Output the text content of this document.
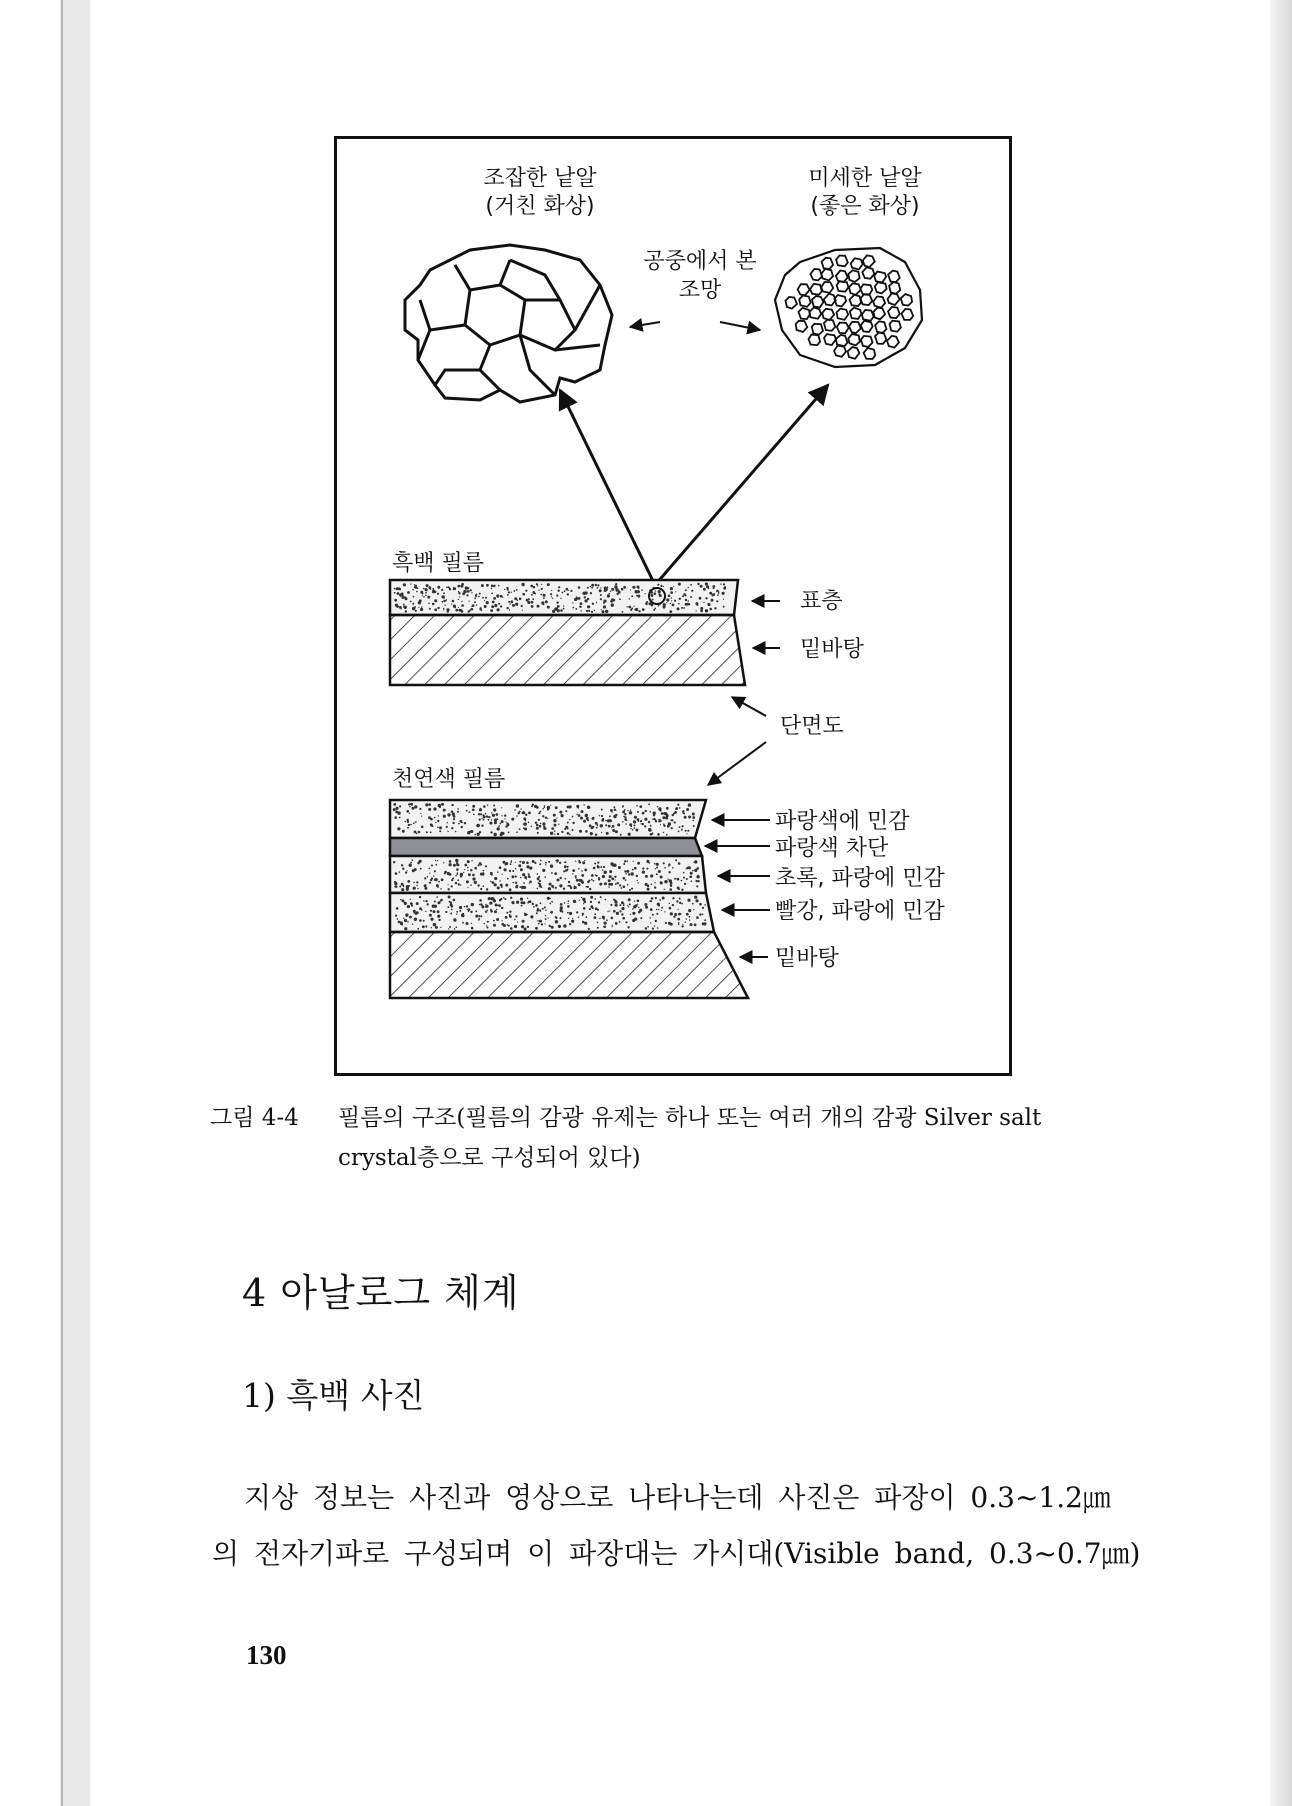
조잡한 낱알
(거친 화상)
미세한 낱알
(좋은 화상)
공중에서 본
조망
흑백 필름
표층
밑바탕
단면도
천연색 필름
파랑색에 민감
파랑색 차단
초록, 파랑에 민감
빨강, 파랑에 민감
밑바탕
그림 4-4 필름의 구조(필름의 감광 유제는 하나 또는 여러 개의 감광 Silver salt
crystal층으로 구성되어 있다)
4 아날로그 체계
1) 흑백 사진
지상 정보는 사진과 영상으로 나타나는데 사진은 파장이 0.3~1.2㎛
의 전자기파로 구성되며 이 파장대는 가시대(Visible band, 0.3~0.7㎛)
130
